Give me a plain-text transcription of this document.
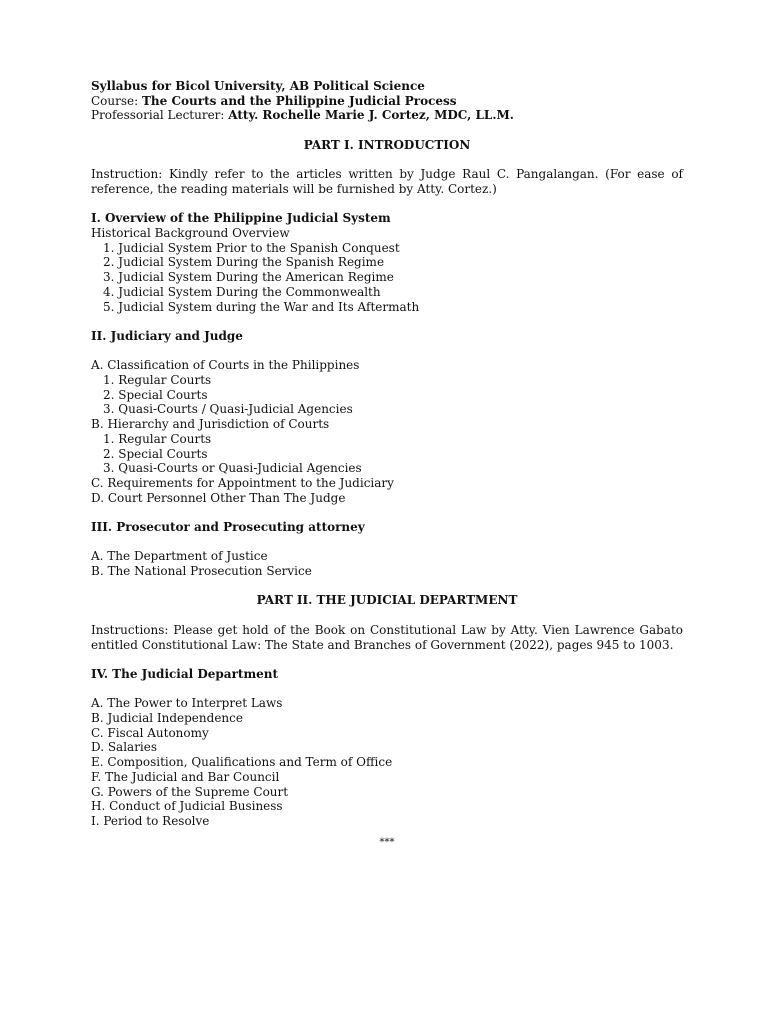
Syllabus for Bicol University, AB Political Science
Course: The Courts and the Philippine Judicial Process
Professorial Lecturer: Atty. Rochelle Marie J. Cortez, MDC, LL.M.
PART I. INTRODUCTION
Instruction: Kindly refer to the articles written by Judge Raul C. Pangalangan. (For ease of reference, the reading materials will be furnished by Atty. Cortez.)
I. Overview of the Philippine Judicial System
Historical Background Overview
1. Judicial System Prior to the Spanish Conquest
2. Judicial System During the Spanish Regime
3. Judicial System During the American Regime
4. Judicial System During the Commonwealth
5. Judicial System during the War and Its Aftermath
II. Judiciary and Judge
A. Classification of Courts in the Philippines
1. Regular Courts
2. Special Courts
3. Quasi-Courts / Quasi-Judicial Agencies
B. Hierarchy and Jurisdiction of Courts
1. Regular Courts
2. Special Courts
3. Quasi-Courts or Quasi-Judicial Agencies
C. Requirements for Appointment to the Judiciary
D. Court Personnel Other Than The Judge
III. Prosecutor and Prosecuting attorney
A. The Department of Justice
B. The National Prosecution Service
PART II. THE JUDICIAL DEPARTMENT
Instructions: Please get hold of the Book on Constitutional Law by Atty. Vien Lawrence Gabato entitled Constitutional Law: The State and Branches of Government (2022), pages 945 to 1003.
IV. The Judicial Department
A. The Power to Interpret Laws
B. Judicial Independence
C. Fiscal Autonomy
D. Salaries
E. Composition, Qualifications and Term of Office
F. The Judicial and Bar Council
G. Powers of the Supreme Court
H. Conduct of Judicial Business
I. Period to Resolve
***
